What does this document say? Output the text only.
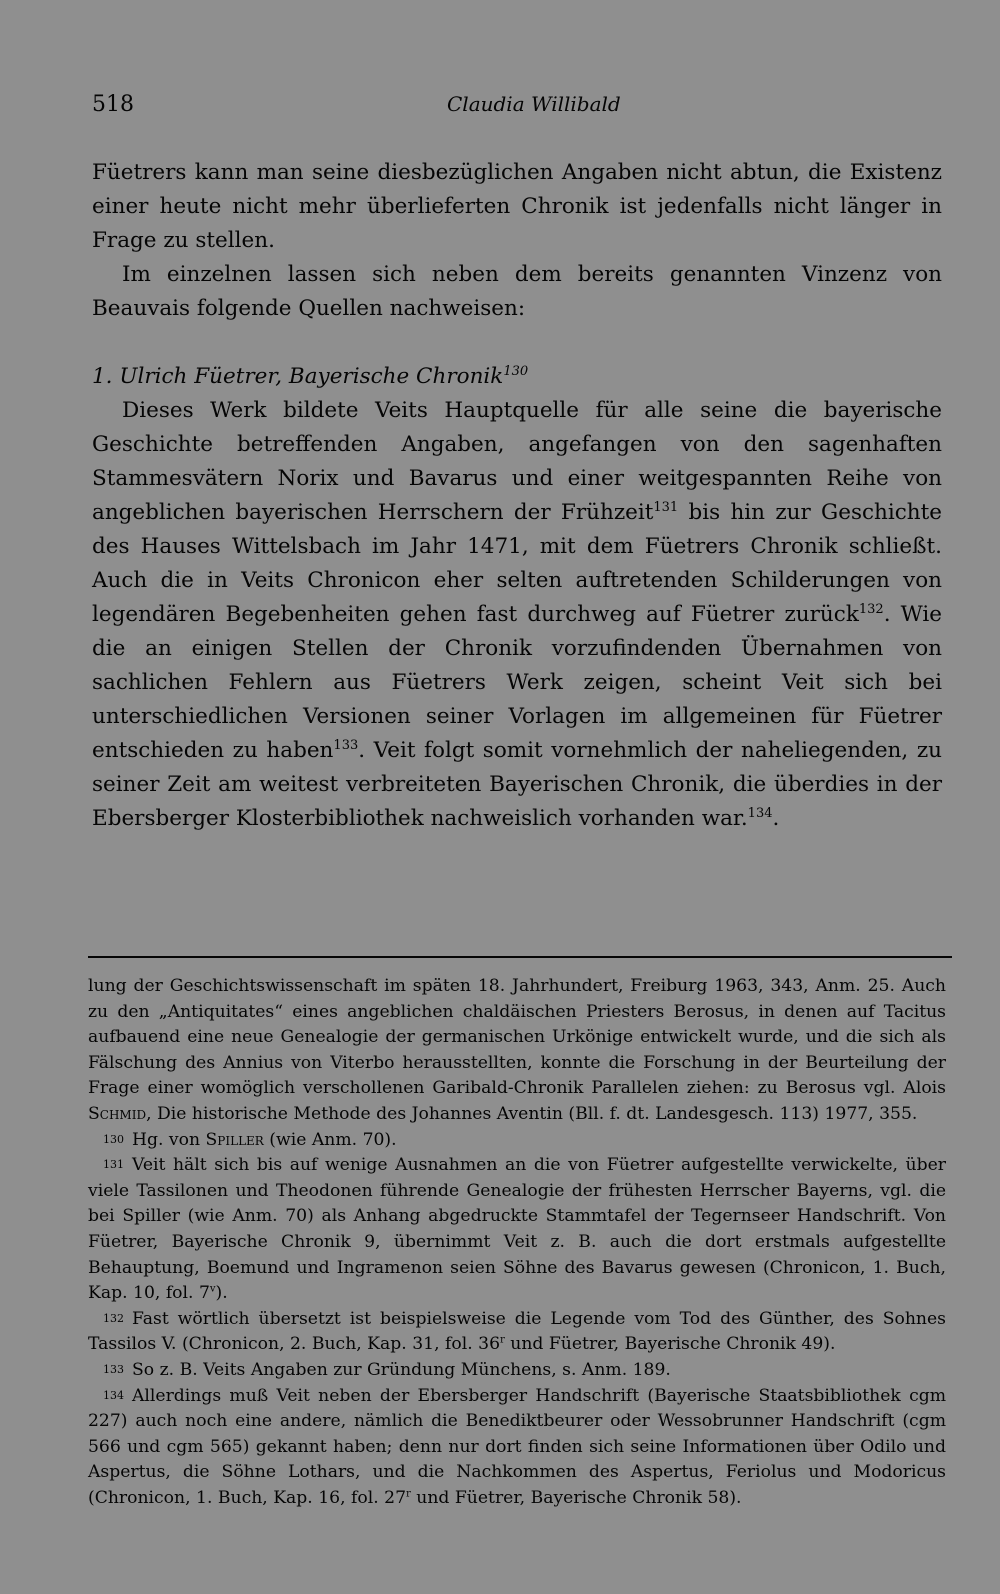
518	Claudia Willibald

Füetrers kann man seine diesbezüglichen Angaben nicht abtun, die Existenz einer heute nicht mehr überlieferten Chronik ist jedenfalls nicht länger in Frage zu stellen.

Im einzelnen lassen sich neben dem bereits genannten Vinzenz von Beauvais folgende Quellen nachweisen:

1. Ulrich Füetrer, Bayerische Chronik$^{130}$

Dieses Werk bildete Veits Hauptquelle für alle seine die bayerische Geschichte betreffenden Angaben, angefangen von den sagenhaften Stammesvätern Norix und Bavarus und einer weitgespannten Reihe von angeblichen bayerischen Herrschern der Frühzeit$^{131}$ bis hin zur Geschichte des Hauses Wittelsbach im Jahr 1471, mit dem Füetrers Chronik schließt. Auch die in Veits Chronicon eher selten auftretenden Schilderungen von legendären Begebenheiten gehen fast durchweg auf Füetrer zurück$^{132}$. Wie die an einigen Stellen der Chronik vorzufindenden Übernahmen von sachlichen Fehlern aus Füetrers Werk zeigen, scheint Veit sich bei unterschiedlichen Versionen seiner Vorlagen im allgemeinen für Füetrer entschieden zu haben$^{133}$. Veit folgt somit vornehmlich der naheliegenden, zu seiner Zeit am weitest verbreiteten Bayerischen Chronik, die überdies in der Ebersberger Klosterbibliothek nachweislich vorhanden war.$^{134}$.

lung der Geschichtswissenschaft im späten 18. Jahrhundert, Freiburg 1963, 343, Anm. 25. Auch zu den „Antiquitates“ eines angeblichen chaldäischen Priesters Berosus, in denen auf Tacitus aufbauend eine neue Genealogie der germanischen Urkönige entwickelt wurde, und die sich als Fälschung des Annius von Viterbo herausstellten, konnte die Forschung in der Beurteilung der Frage einer womöglich verschollenen Garibald-Chronik Parallelen ziehen: zu Berosus vgl. Alois Schmid, Die historische Methode des Johannes Aventin (Bll. f. dt. Landesgesch. 113) 1977, 355.

130 Hg. von Spiller (wie Anm. 70).

131 Veit hält sich bis auf wenige Ausnahmen an die von Füetrer aufgestellte verwickelte, über viele Tassilonen und Theodonen führende Genealogie der frühesten Herrscher Bayerns, vgl. die bei Spiller (wie Anm. 70) als Anhang abgedruckte Stammtafel der Tegernseer Handschrift. Von Füetrer, Bayerische Chronik 9, übernimmt Veit z. B. auch die dort erstmals aufgestellte Behauptung, Boemund und Ingramenon seien Söhne des Bavarus gewesen (Chronicon, 1. Buch, Kap. 10, fol. 7$^v$).

132 Fast wörtlich übersetzt ist beispielsweise die Legende vom Tod des Günther, des Sohnes Tassilos V. (Chronicon, 2. Buch, Kap. 31, fol. 36$^r$ und Füetrer, Bayerische Chronik 49).

133 So z. B. Veits Angaben zur Gründung Münchens, s. Anm. 189.

134 Allerdings muß Veit neben der Ebersberger Handschrift (Bayerische Staatsbibliothek cgm 227) auch noch eine andere, nämlich die Benediktbeurer oder Wessobrunner Handschrift (cgm 566 und cgm 565) gekannt haben; denn nur dort finden sich seine Informationen über Odilo und Aspertus, die Söhne Lothars, und die Nachkommen des Aspertus, Feriolus und Modoricus (Chronicon, 1. Buch, Kap. 16, fol. 27$^r$ und Füetrer, Bayerische Chronik 58).
